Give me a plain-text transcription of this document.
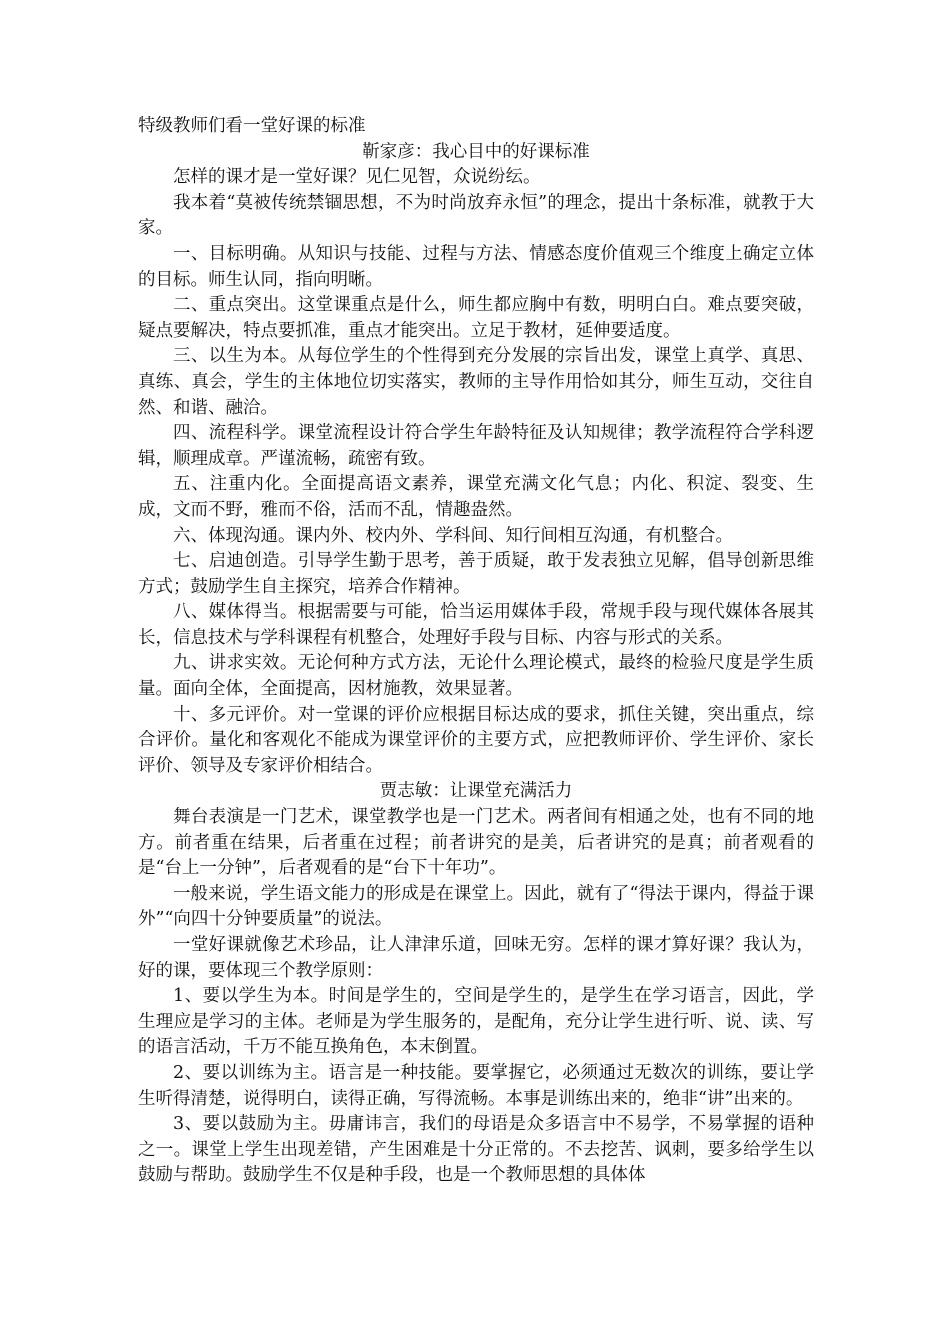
特级教师们看一堂好课的标准
靳家彦：我心目中的好课标准

怎样的课才是一堂好课？见仁见智，众说纷纭。

我本着“莫被传统禁锢思想，不为时尚放弃永恒”的理念，提出十条标准，就教于大家。

一、目标明确。从知识与技能、过程与方法、情感态度价值观三个维度上确定立体的目标。师生认同，指向明晰。

二、重点突出。这堂课重点是什么，师生都应胸中有数，明明白白。难点要突破，疑点要解决，特点要抓准，重点才能突出。立足于教材，延伸要适度。

三、以生为本。从每位学生的个性得到充分发展的宗旨出发，课堂上真学、真思、真练、真会，学生的主体地位切实落实，教师的主导作用恰如其分，师生互动，交往自然、和谐、融洽。

四、流程科学。课堂流程设计符合学生年龄特征及认知规律；教学流程符合学科逻辑，顺理成章。严谨流畅，疏密有致。

五、注重内化。全面提高语文素养，课堂充满文化气息；内化、积淀、裂变、生成，文而不野，雅而不俗，活而不乱，情趣盎然。

六、体现沟通。课内外、校内外、学科间、知行间相互沟通，有机整合。

七、启迪创造。引导学生勤于思考，善于质疑，敢于发表独立见解，倡导创新思维方式；鼓励学生自主探究，培养合作精神。

八、媒体得当。根据需要与可能，恰当运用媒体手段，常规手段与现代媒体各展其长，信息技术与学科课程有机整合，处理好手段与目标、内容与形式的关系。

九、讲求实效。无论何种方式方法，无论什么理论模式，最终的检验尺度是学生质量。面向全体，全面提高，因材施教，效果显著。

十、多元评价。对一堂课的评价应根据目标达成的要求，抓住关键，突出重点，综合评价。量化和客观化不能成为课堂评价的主要方式，应把教师评价、学生评价、家长评价、领导及专家评价相结合。

贾志敏：让课堂充满活力

舞台表演是一门艺术，课堂教学也是一门艺术。两者间有相通之处，也有不同的地方。前者重在结果，后者重在过程；前者讲究的是美，后者讲究的是真；前者观看的是“台上一分钟”，后者观看的是“台下十年功”。

一般来说，学生语文能力的形成是在课堂上。因此，就有了“得法于课内，得益于课外”“向四十分钟要质量”的说法。

一堂好课就像艺术珍品，让人津津乐道，回味无穷。怎样的课才算好课？我认为，好的课，要体现三个教学原则：

1、要以学生为本。时间是学生的，空间是学生的，是学生在学习语言，因此，学生理应是学习的主体。老师是为学生服务的，是配角，充分让学生进行听、说、读、写的语言活动，千万不能互换角色，本末倒置。

2、要以训练为主。语言是一种技能。要掌握它，必须通过无数次的训练，要让学生听得清楚，说得明白，读得正确，写得流畅。本事是训练出来的，绝非“讲”出来的。

3、要以鼓励为主。毋庸讳言，我们的母语是众多语言中不易学，不易掌握的语种之一。课堂上学生出现差错，产生困难是十分正常的。不去挖苦、讽刺，要多给学生以鼓励与帮助。鼓励学生不仅是种手段，也是一个教师思想的具体体
